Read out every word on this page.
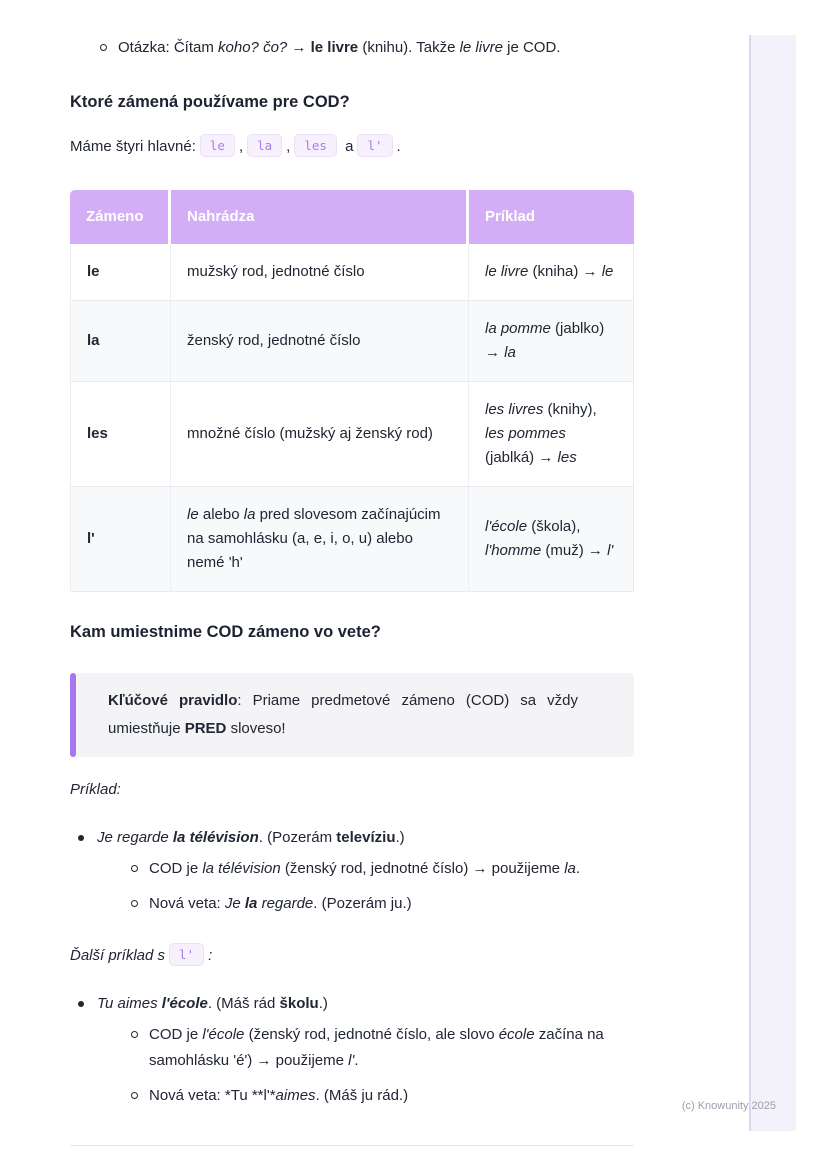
Otázka: Čítam koho? čo? → le livre (knihu). Takže le livre je COD.
Ktoré zámená používame pre COD?

Máme štyri hlavné: le , la , les a l' .

Zámeno	Nahrádza	Príklad
le	mužský rod, jednotné číslo	le livre (kniha) → le
la	ženský rod, jednotné číslo	la pomme (jablko) → la
les	množné číslo (mužský aj ženský rod)	les livres (knihy), les pommes (jablká) → les
l'	le alebo la pred slovesom začínajúcim na samohlásku (a, e, i, o, u) alebo nemé 'h'	l'école (škola), l'homme (muž) → l'
Kam umiestnime COD zámeno vo vete?

Kľúčové pravidlo: Priame predmetové zámeno (COD) sa vždy umiestňuje PRED sloveso!

Príklad:

Je regarde la télévision. (Pozerám televíziu.)
COD je la télévision (ženský rod, jednotné číslo) → použijeme la.
Nová veta: Je la regarde. (Pozerám ju.)

Ďalší príklad s l' :

Tu aimes l'école. (Máš rád školu.)
COD je l'école (ženský rod, jednotné číslo, ale slovo école začína na samohlásku 'é') → použijeme l'.
Nová veta: *Tu **l'*aimes. (Máš ju rád.)
(c) Knowunity 2025
